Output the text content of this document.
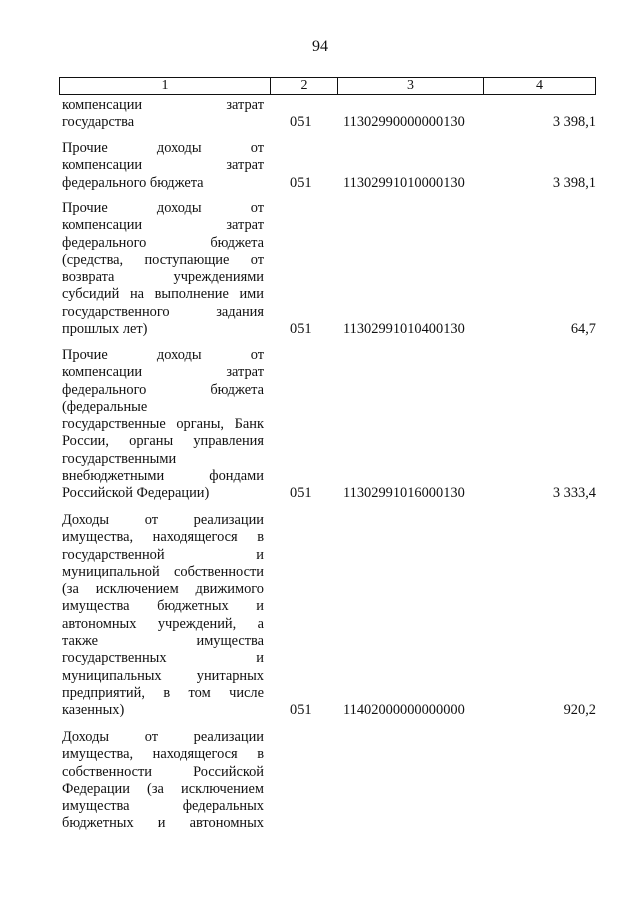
94
1	2	3	4
компенсации затрат
государства	051 11302990000000130	3 398,1
Прочие доходы от
компенсации затрат
федерального бюджета	051 11302991010000130	3 398,1
Прочие доходы от
компенсации затрат
федерального бюджета
(средства, поступающие от
возврата учреждениями
субсидий на выполнение ими
государственного задания
прошлых лет)	051 11302991010400130	64,7
Прочие доходы от
компенсации затрат
федерального бюджета
(федеральные
государственные органы, Банк
России, органы управления
государственными
внебюджетными фондами
Российской Федерации)	051 11302991016000130	3 333,4
Доходы от реализации
имущества, находящегося в
государственной и
муниципальной собственности
(за исключением движимого
имущества бюджетных и
автономных учреждений, а
также имущества
государственных и
муниципальных унитарных
предприятий, в том числе
казенных)	051 11402000000000000	920,2
Доходы от реализации
имущества, находящегося в
собственности Российской
Федерации (за исключением
имущества федеральных
бюджетных и автономных
